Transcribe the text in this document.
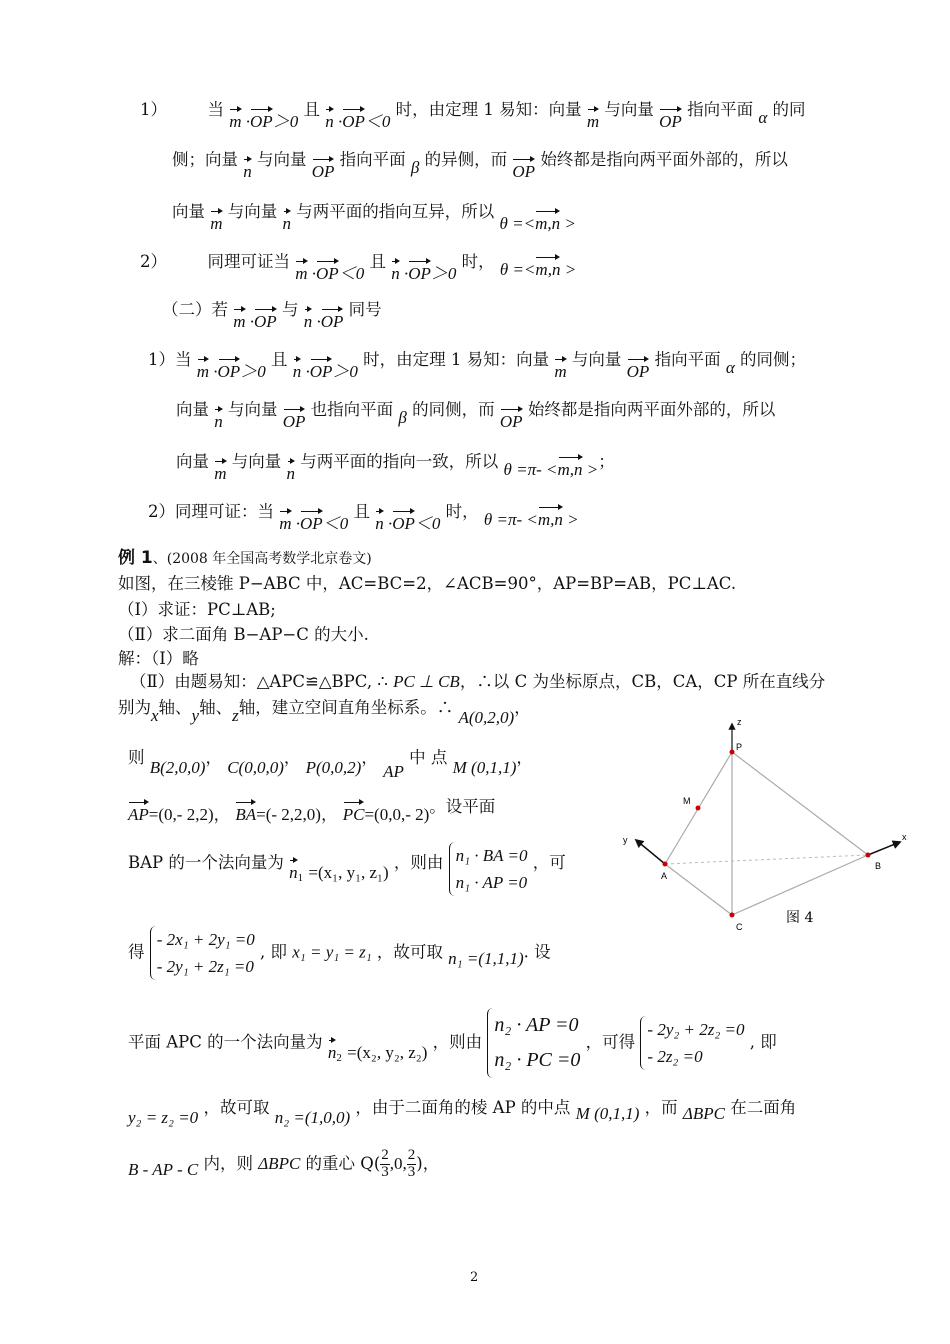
1） 当 m ·OP＞0 且 n ·OP＜0 时，由定理 1 易知：向量 m 与向量 OP 指向平面 α 的同
侧；向量 n 与向量 OP 指向平面 β 的异侧，而 OP 始终都是指向两平面外部的，所以
向量 m 与向量 n 与两平面的指向互异，所以 θ =<m,n >
2） 同理可证当 m ·OP＜0 且 n ·OP＞0 时， θ =<m,n >
（二）若 m ·OP 与 n ·OP 同号
1）当 m ·OP＞0 且 n ·OP＞0 时，由定理 1 易知：向量 m 与向量 OP 指向平面 α 的同侧；
向量 n 与向量 OP 也指向平面 β 的同侧，而 OP 始终都是指向两平面外部的，所以
向量 m 与向量 n 与两平面的指向一致，所以 θ =π- <m,n >；
2）同理可证：当 m ·OP＜0 且 n ·OP＜0 时， θ =π- <m,n >
例 1、(2008 年全国高考数学北京卷文)
如图，在三棱锥 P−ABC 中，AC=BC=2，∠ACB=90°，AP=BP=AB，PC⊥AC.
（Ⅰ）求证：PC⊥AB;
（Ⅱ）求二面角 B−AP−C 的大小.
解：（Ⅰ）略
（Ⅱ）由题易知：△APC≌△BPC, ∴ PC ⊥ CB，∴以 C 为坐标原点，CB，CA，CP 所在直线分
别为x轴、y轴、z轴，建立空间直角坐标系。∴ A(0,2,0)，
则 B(2,0,0)， C(0,0,0)， P(0,0,2)， AP 中 点 M (0,1,1)，
AP=(0,- 2,2)， BA=(- 2,2,0)， PC=(0,0,- 2)。设平面
BAP 的一个法向量为 $n_1 =(x_1$, y₁, z₁) ，则由 n₁ · BA =0
n₁ · AP =0
，可
得
- 2x₁ + 2y₁ =0
- 2y₁ + 2z₁ =0
, 即 x₁ = y₁ = z₁ ，故可取 n₁ =(1,1,1). 设
平面 APC 的一个法向量为 $n_2 =(x_2$, y₂, z₂) ，则由
n₂ · AP =0
n₂ · PC =0
，可得
- 2y₂ + 2z₂ =0
- 2z₂ =0
, 即
y₂ = z₂ =0 ，故可取 n₂ =(1,0,0) ，由于二面角的棱 AP 的中点 M (0,1,1) ，而 ΔBPC 在二面角
B - AP - C 内，则 ΔBPC 的重心 $Q( \frac{2}{3} ,0$, $\frac{2}{3}$ )，
z
P
M
y	x
A
B
C
图 4
2
